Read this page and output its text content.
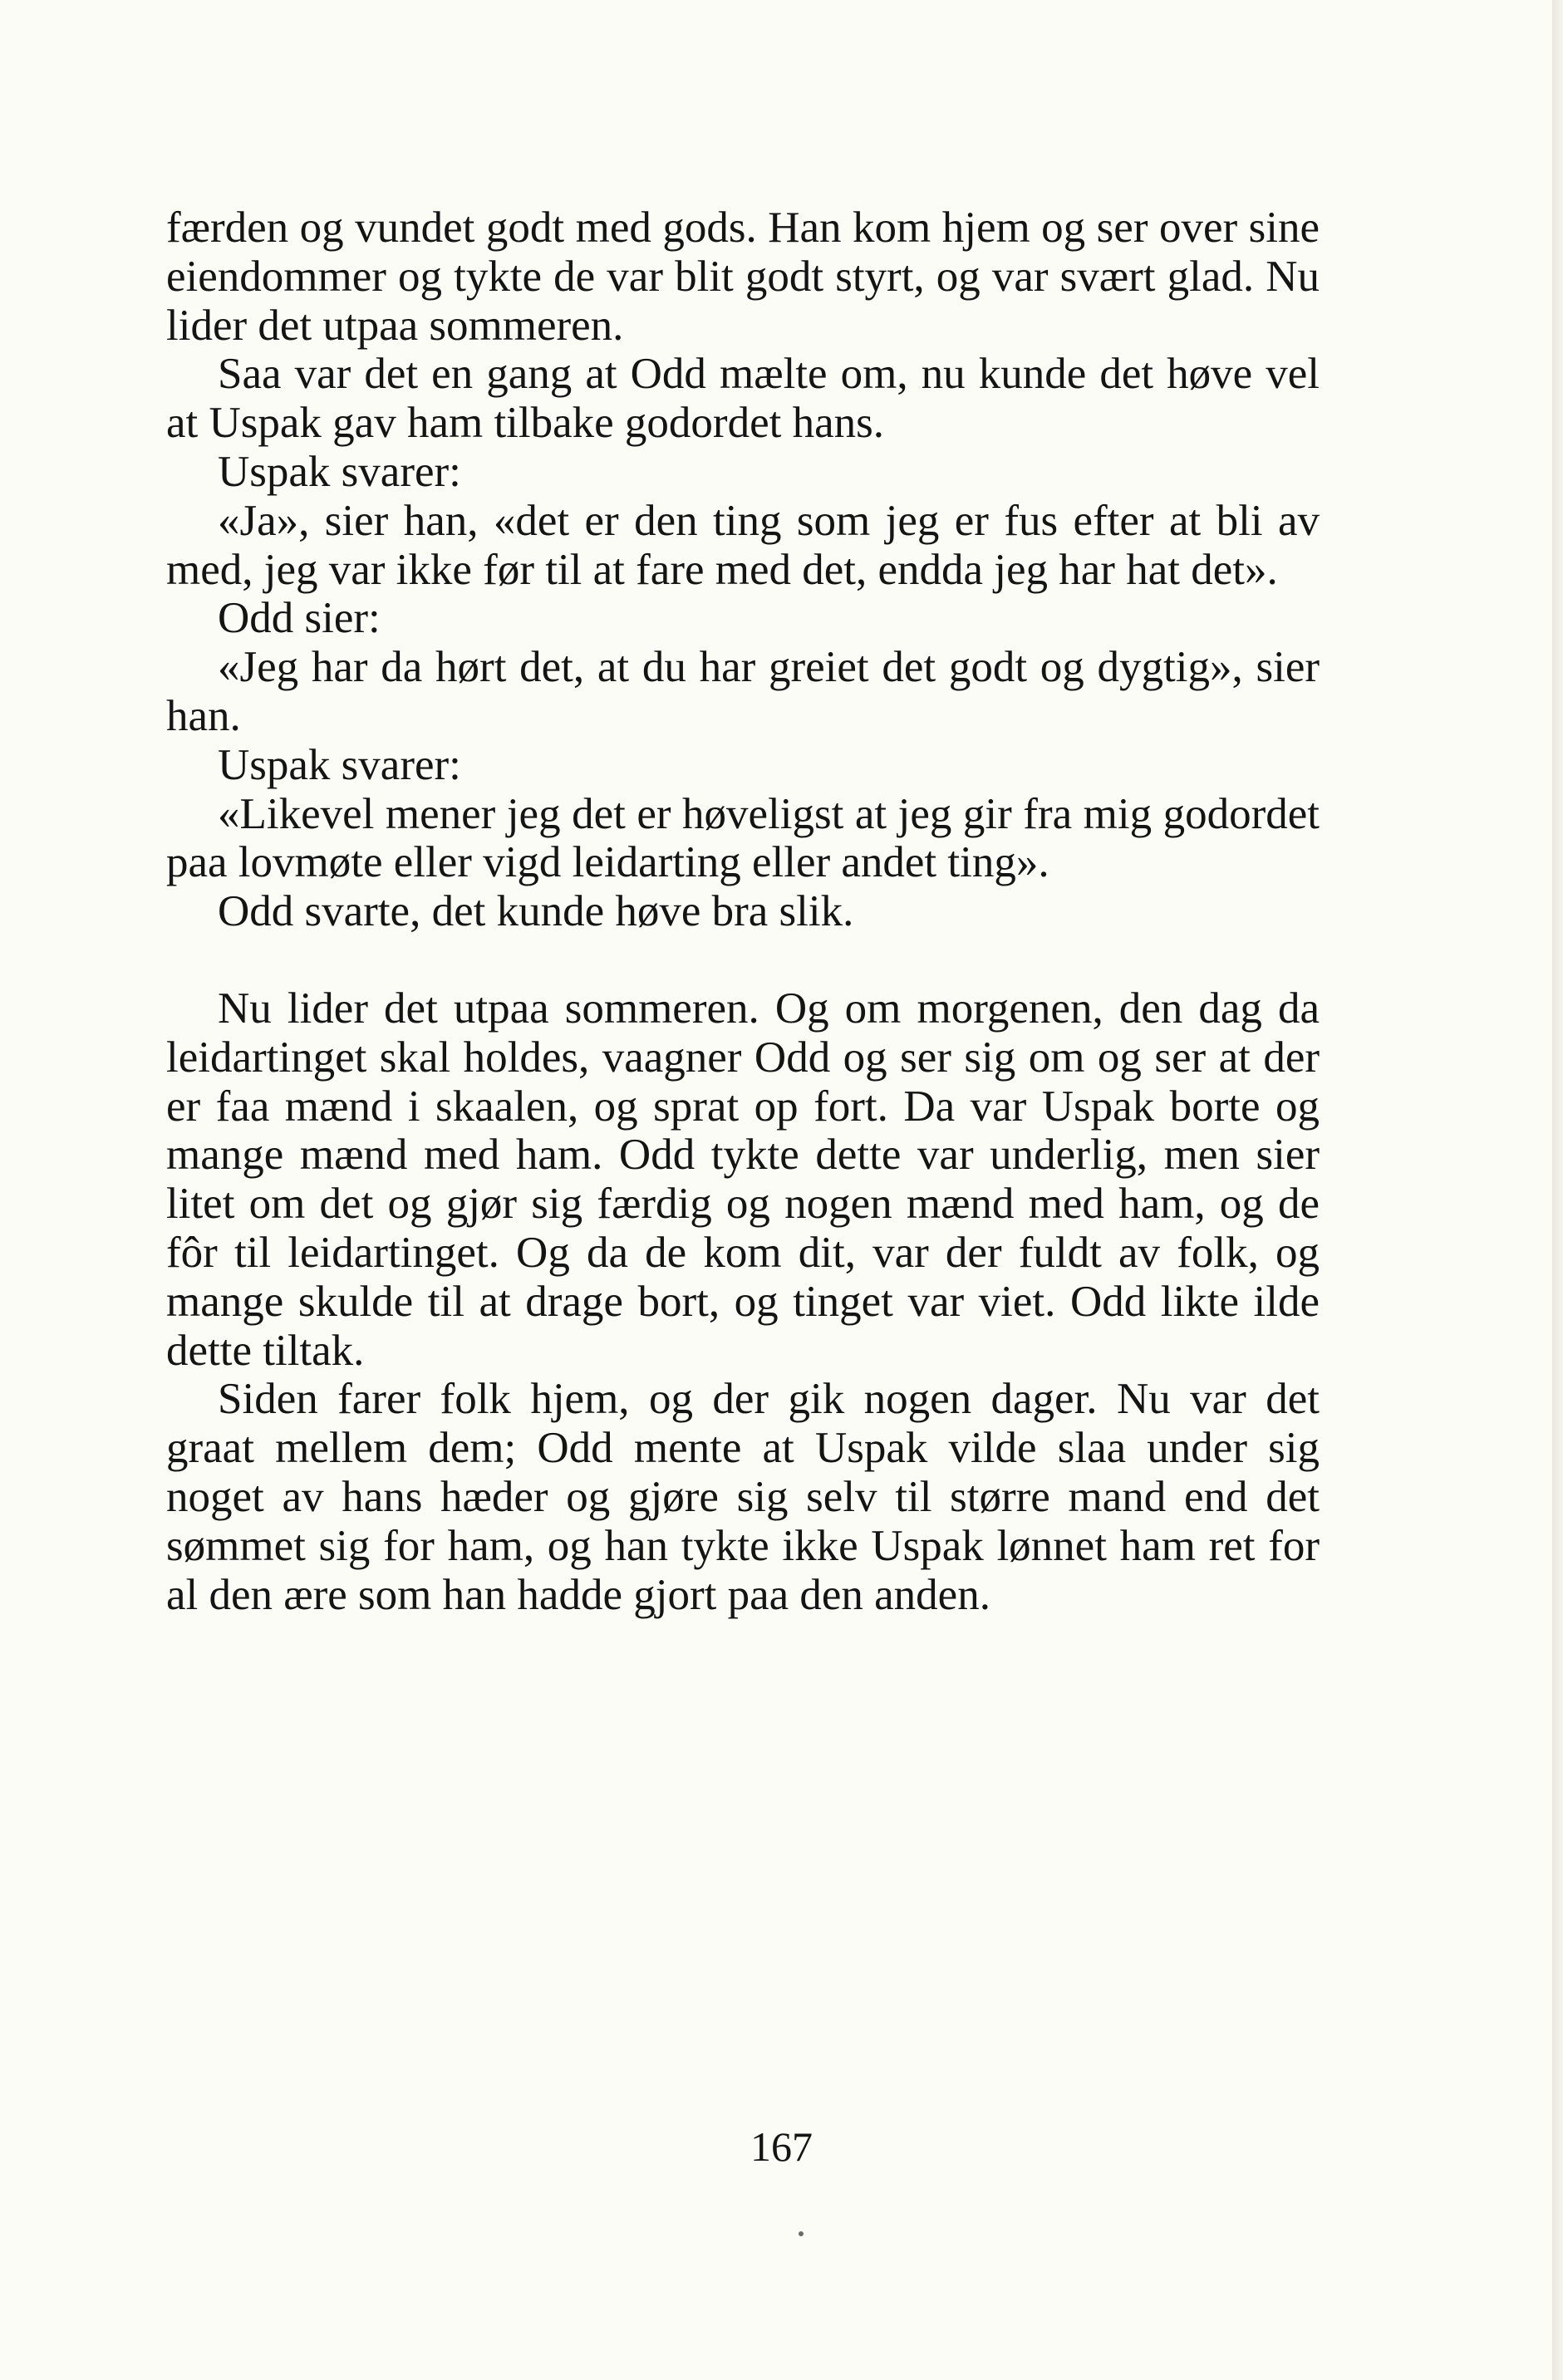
færden og vundet godt med gods. Han kom hjem og ser over sine eiendommer og tykte de var blit godt styrt, og var svært glad. Nu lider det utpaa sommeren.

Saa var det en gang at Odd mælte om, nu kunde det høve vel at Uspak gav ham tilbake godordet hans.

Uspak svarer:

«Ja», sier han, «det er den ting som jeg er fus efter at bli av med, jeg var ikke før til at fare med det, endda jeg har hat det».

Odd sier:

«Jeg har da hørt det, at du har greiet det godt og dygtig», sier han.

Uspak svarer:

«Likevel mener jeg det er høveligst at jeg gir fra mig godordet paa lovmøte eller vigd leidarting eller andet ting».

Odd svarte, det kunde høve bra slik.

Nu lider det utpaa sommeren. Og om morgenen, den dag da leidartinget skal holdes, vaagner Odd og ser sig om og ser at der er faa mænd i skaalen, og sprat op fort. Da var Uspak borte og mange mænd med ham. Odd tykte dette var underlig, men sier litet om det og gjør sig færdig og nogen mænd med ham, og de fôr til leidartinget. Og da de kom dit, var der fuldt av folk, og mange skulde til at drage bort, og tinget var viet. Odd likte ilde dette tiltak.

Siden farer folk hjem, og der gik nogen dager. Nu var det graat mellem dem; Odd mente at Uspak vilde slaa under sig noget av hans hæder og gjøre sig selv til større mand end det sømmet sig for ham, og han tykte ikke Uspak lønnet ham ret for al den ære som han hadde gjort paa den anden.

167
